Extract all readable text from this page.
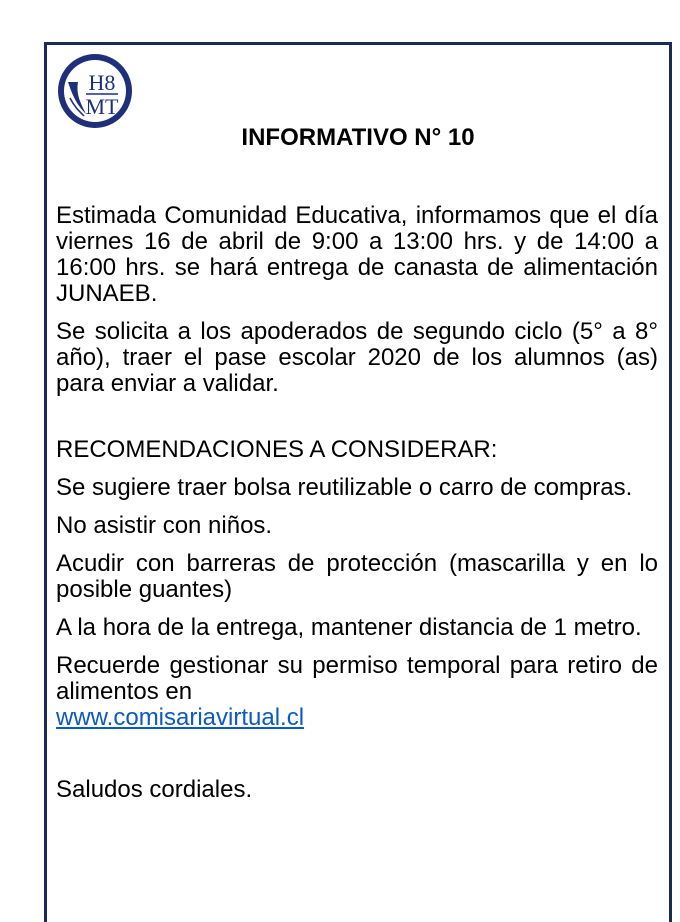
H8
MT
INFORMATIVO N° 10

Estimada Comunidad Educativa, informamos que el día viernes 16 de abril de 9:00 a 13:00 hrs. y de 14:00 a 16:00 hrs. se hará entrega de canasta de alimentación JUNAEB.

Se solicita a los apoderados de segundo ciclo (5° a 8° año), traer el pase escolar 2020 de los alumnos (as) para enviar a validar.

RECOMENDACIONES A CONSIDERAR:

Se sugiere traer bolsa reutilizable o carro de compras.

No asistir con niños.

Acudir con barreras de protección (mascarilla y en lo posible guantes)

A la hora de la entrega, mantener distancia de 1 metro.

Recuerde gestionar su permiso temporal para retiro de alimentos en
www.comisariavirtual.cl

Saludos cordiales.
